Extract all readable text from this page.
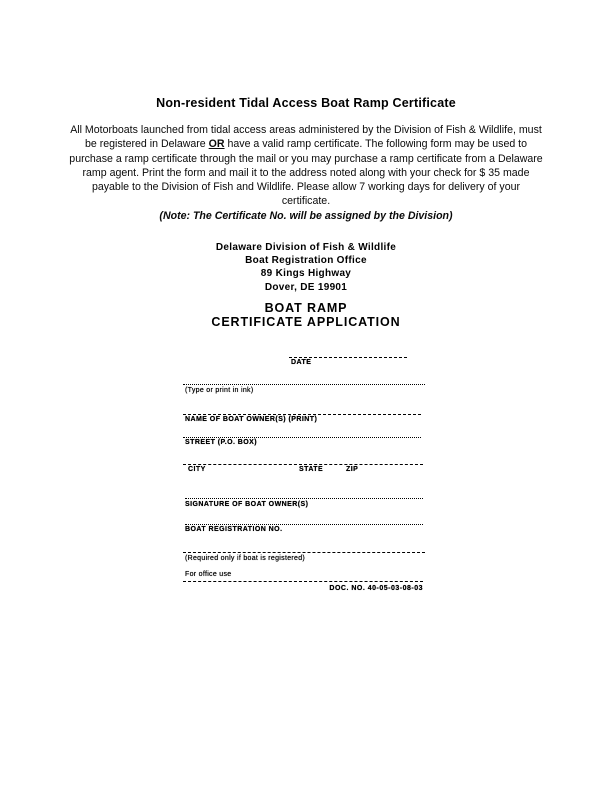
Non-resident Tidal Access Boat Ramp Certificate
All Motorboats launched from tidal access areas administered by the Division of Fish & Wildlife, must be registered in Delaware OR have a valid ramp certificate. The following form may be used to purchase a ramp certificate through the mail or you may purchase a ramp certificate from a Delaware ramp agent. Print the form and mail it to the address noted along with your check for $ 35 made payable to the Division of Fish and Wildlife. Please allow 7 working days for delivery of your certificate.
(Note: The Certificate No. will be assigned by the Division)
Delaware Division of Fish & Wildlife
Boat Registration Office
89 Kings Highway
Dover, DE 19901
BOAT RAMP
CERTIFICATE APPLICATION
DATE
(Type or print in ink)
NAME OF BOAT OWNER(S) (PRINT)
STREET (P.O. BOX)
CITY	STATE	ZIP
SIGNATURE OF BOAT OWNER(S)
BOAT REGISTRATION NO.
(Required only if boat is registered)
For office use
DOC. NO. 40-05-03-08-03
